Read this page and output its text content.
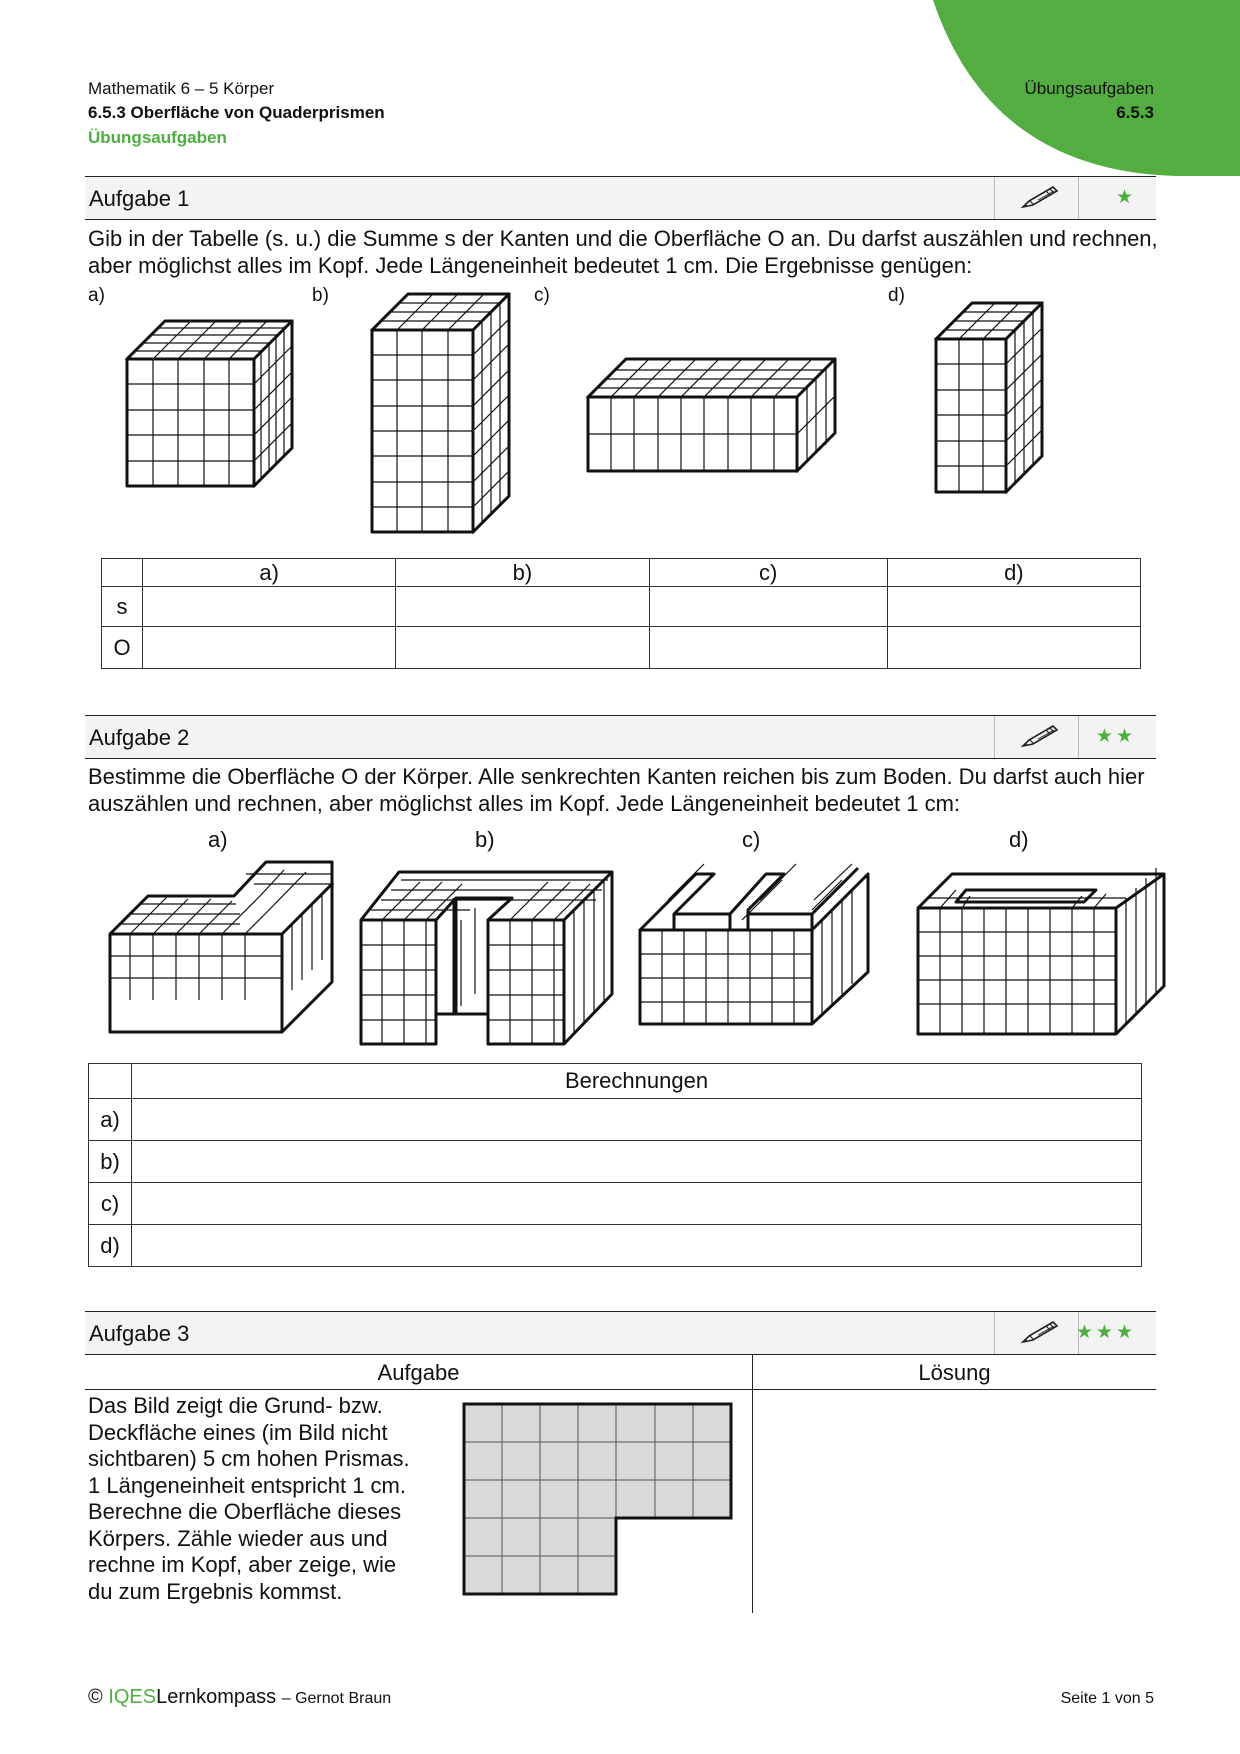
Mathematik 6 – 5 Körper
6.5.3 Oberfläche von Quaderprismen
Übungsaufgaben
Übungsaufgaben
6.5.3
Aufgabe 1	★
Gib in der Tabelle (s. u.) die Summe s der Kanten und die Oberfläche O an. Du darfst auszählen und rechnen, aber möglichst alles im Kopf. Jede Längeneinheit bedeutet 1 cm. Die Ergebnisse genügen:
a)	b)	c)	d)
	a)	b)	c)	d)
s				
O				
Aufgabe 2	★★
Bestimme die Oberfläche O der Körper. Alle senkrechten Kanten reichen bis zum Boden. Du darfst auch hier auszählen und rechnen, aber möglichst alles im Kopf. Jede Längeneinheit bedeutet 1 cm:
a)	b)	c)	d)
	Berechnungen
a)	
b)	
c)	
d)	
Aufgabe 3	★★★
Aufgabe	Lösung
Das Bild zeigt die Grund- bzw.
Deckfläche eines (im Bild nicht
sichtbaren) 5 cm hohen Prismas.
1 Längeneinheit entspricht 1 cm.
Berechne die Oberfläche dieses
Körpers. Zähle wieder aus und
rechne im Kopf, aber zeige, wie
du zum Ergebnis kommst.
© IQESLernkompass – Gernot Braun	Seite 1 von 5
